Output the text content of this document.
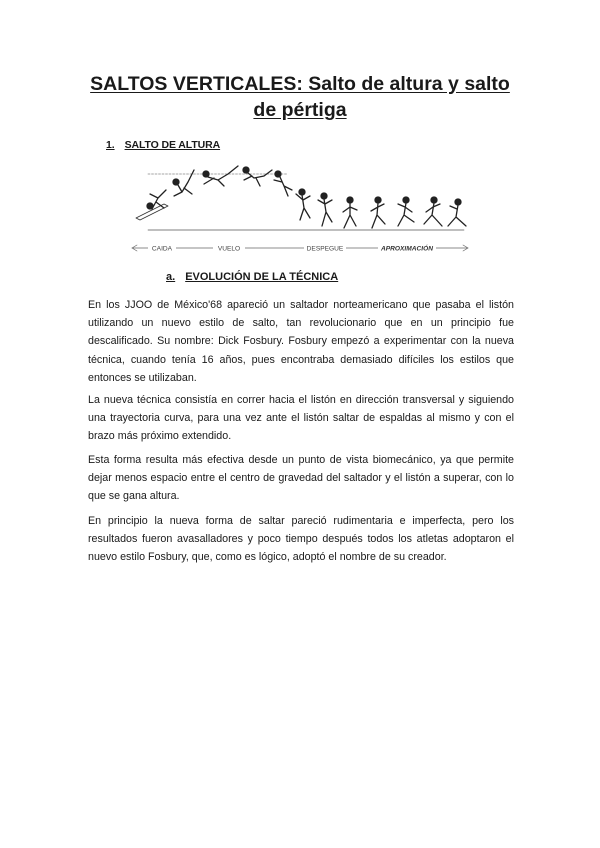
SALTOS VERTICALES: Salto de altura y salto de pértiga
1. SALTO DE ALTURA
CAIDA	VUELO	DESPEGUE	APROXIMACIÓN
a. EVOLUCIÓN DE LA TÉCNICA

En los JJOO de México'68 apareció un saltador norteamericano que pasaba el listón utilizando un nuevo estilo de salto, tan revolucionario que en un principio fue descalificado. Su nombre: Dick Fosbury. Fosbury empezó a experimentar con la nueva técnica, cuando tenía 16 años, pues encontraba demasiado difíciles los estilos que entonces se utilizaban.

La nueva técnica consistía en correr hacia el listón en dirección transversal y siguiendo una trayectoria curva, para una vez ante el listón saltar de espaldas al mismo y con el brazo más próximo extendido.

Esta forma resulta más efectiva desde un punto de vista biomecánico, ya que permite dejar menos espacio entre el centro de gravedad del saltador y el listón a superar, con lo que se gana altura.

En principio la nueva forma de saltar pareció rudimentaria e imperfecta, pero los resultados fueron avasalladores y poco tiempo después todos los atletas adoptaron el nuevo estilo Fosbury, que, como es lógico, adoptó el nombre de su creador.
